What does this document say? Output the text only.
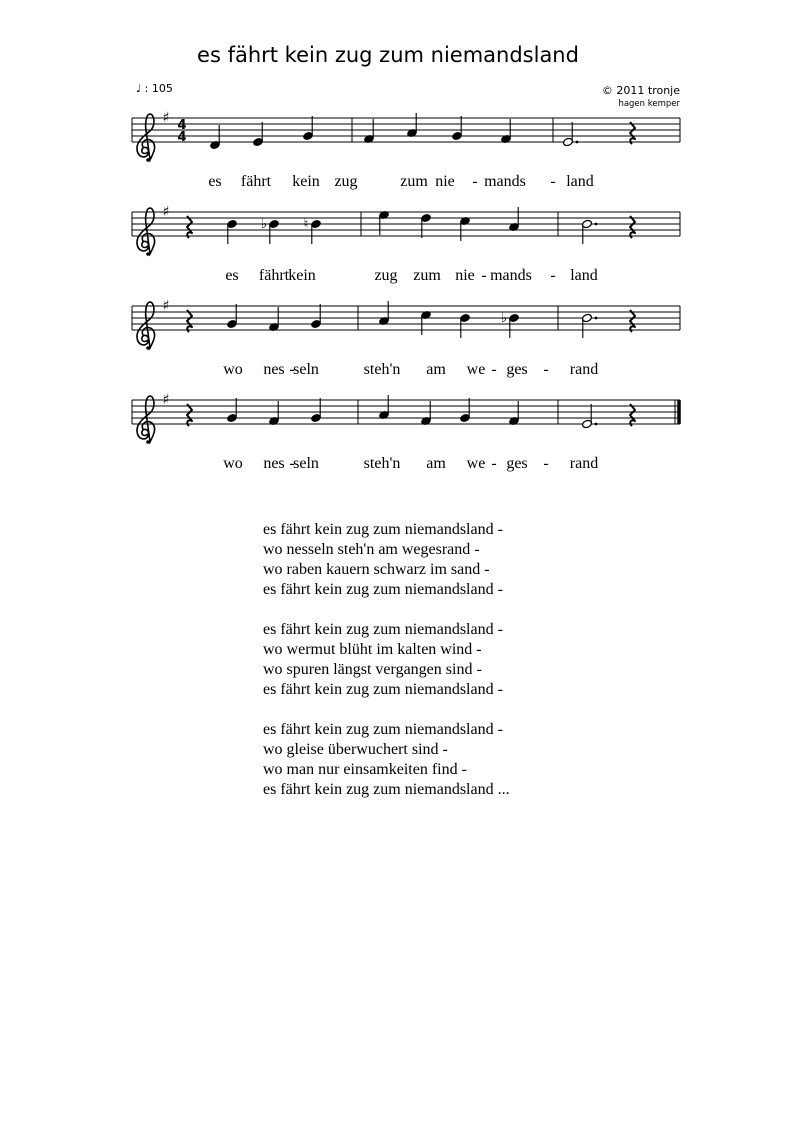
es fährt kein zug zum niemandsland
♩ : 105	© 2011 tronje
hagen kemper
♯ 4
4
es fährt kein zug	zum nie - mands - land
♯
♭	♮
es fährt kein	zug zum nie - mands - land
♯
♭
wo nes -
seln	steh'n am we - ges - rand
♯
wo nes -
seln	steh'n am we - ges - rand
es fährt kein zug zum niemandsland -
wo nesseln steh'n am wegesrand -
wo raben kauern schwarz im sand -
es fährt kein zug zum niemandsland -
es fährt kein zug zum niemandsland -
wo wermut blüht im kalten wind -
wo spuren längst vergangen sind -
es fährt kein zug zum niemandsland -
es fährt kein zug zum niemandsland -
wo gleise überwuchert sind -
wo man nur einsamkeiten find -
es fährt kein zug zum niemandsland ...
